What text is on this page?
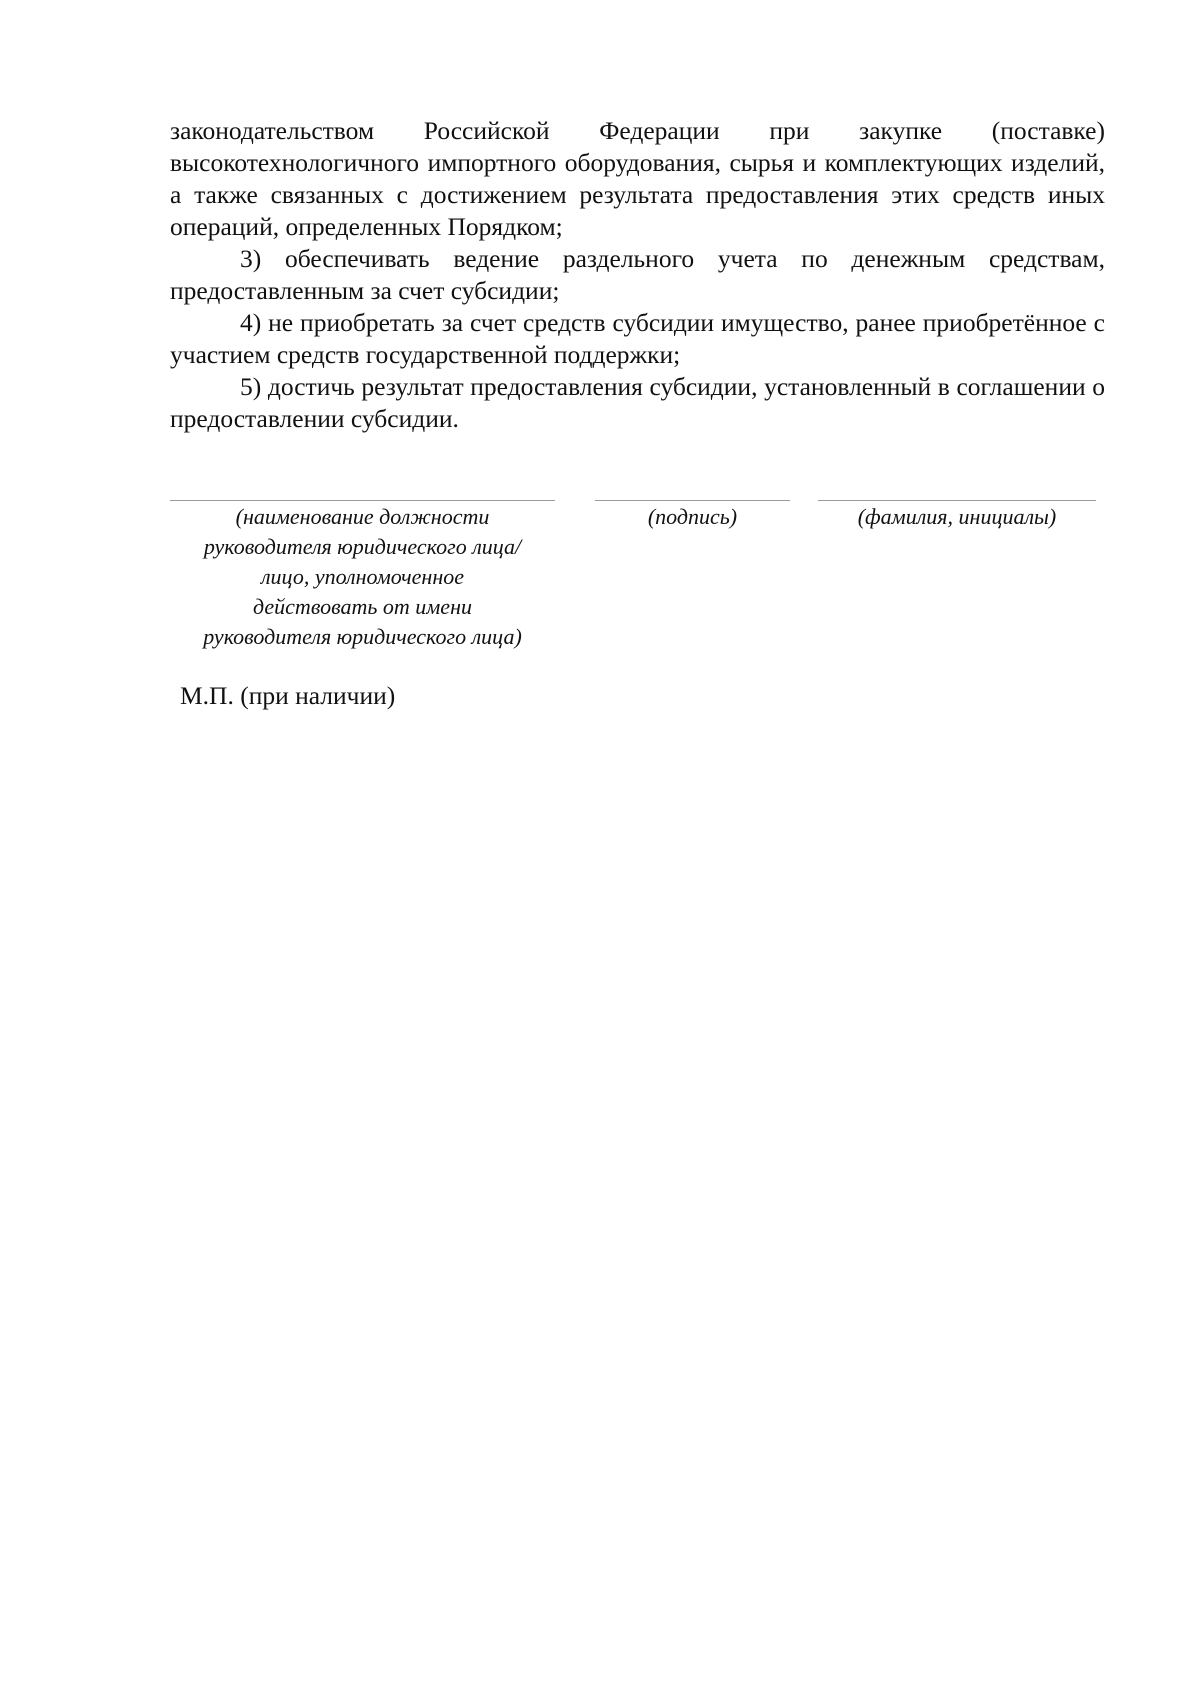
законодательством Российской Федерации при закупке (поставке) высокотехнологичного импортного оборудования, сырья и комплектующих изделий, а также связанных с достижением результата предоставления этих средств иных операций, определенных Порядком;

3) обеспечивать ведение раздельного учета по денежным средствам, предоставленным за счет субсидии;

4) не приобретать за счет средств субсидии имущество, ранее приобретённое с участием средств государственной поддержки;

5) достичь результат предоставления субсидии, установленный в соглашении о предоставлении субсидии.

(наименование должности
руководителя юридического лица/
лицо, уполномоченное
действовать от имени
руководителя юридического лица)
(подпись)	(фамилия, инициалы)
М.П. (при наличии)
